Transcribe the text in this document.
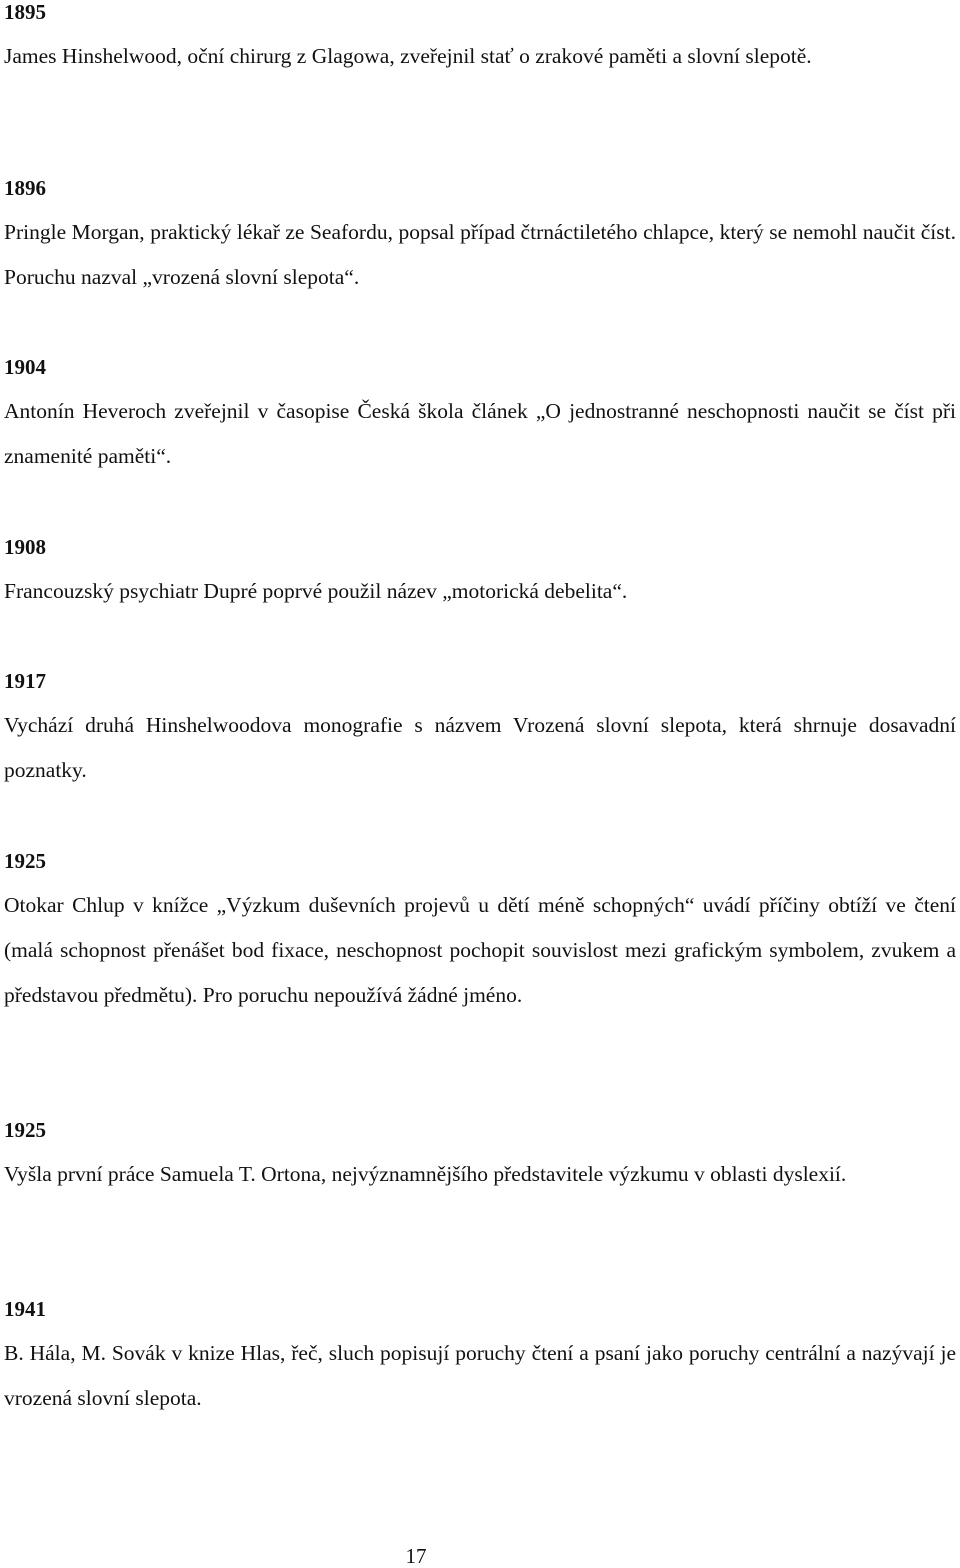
1895

James Hinshelwood, oční chirurg z Glagowa, zveřejnil stať o zrakové paměti a slovní slepotě.

1896

Pringle Morgan, praktický lékař ze Seafordu, popsal případ čtrnáctiletého chlapce, který se nemohl naučit číst. Poruchu nazval „vrozená slovní slepota“.

1904

Antonín Heveroch zveřejnil v časopise Česká škola článek „O jednostranné neschopnosti naučit se číst při znamenité paměti“.

1908

Francouzský psychiatr Dupré poprvé použil název „motorická debelita“.

1917

Vychází druhá Hinshelwoodova monografie s názvem Vrozená slovní slepota, která shrnuje dosavadní poznatky.

1925

Otokar Chlup v knížce „Výzkum duševních projevů u dětí méně schopných“ uvádí příčiny obtíží ve čtení (malá schopnost přenášet bod fixace, neschopnost pochopit souvislost mezi grafickým symbolem, zvukem a představou předmětu). Pro poruchu nepoužívá žádné jméno.

1925

Vyšla první práce Samuela T. Ortona, nejvýznamnějšího představitele výzkumu v oblasti dyslexií.

1941

B. Hála, M. Sovák v knize Hlas, řeč, sluch popisují poruchy čtení a psaní jako poruchy centrální a nazývají je vrozená slovní slepota.

17
